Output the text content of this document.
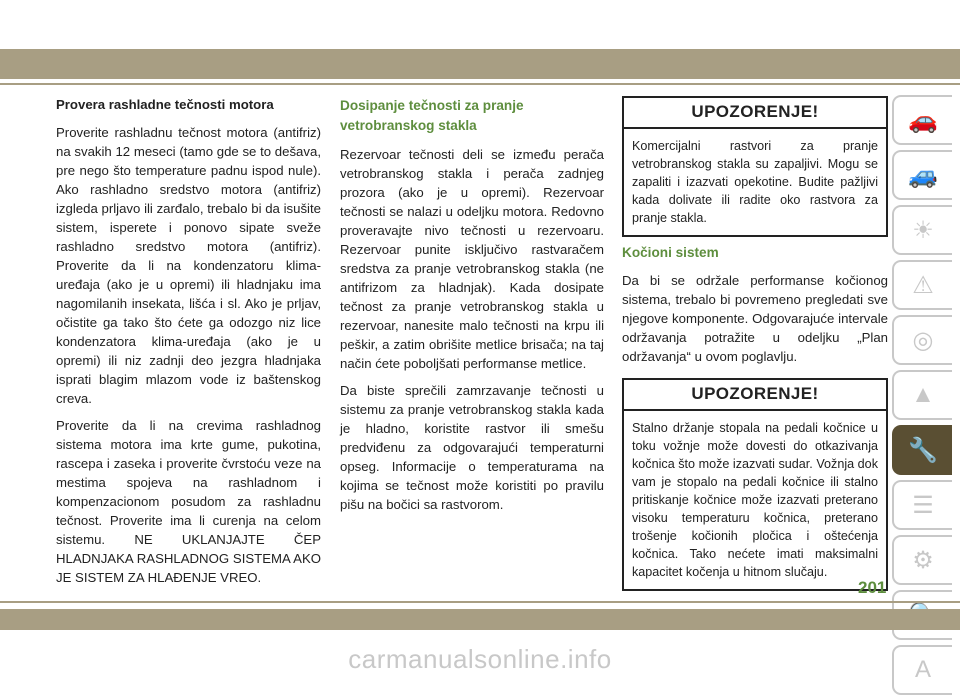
Provera rashladne tečnosti motora

Proverite rashladnu tečnost motora (antifriz) na svakih 12 meseci (tamo gde se to dešava, pre nego što temperature padnu ispod nule). Ako rashladno sredstvo motora (antifriz) izgleda prljavo ili zarđalo, trebalo bi da isušite sistem, isperete i ponovo sipate sveže rashladno sredstvo motora (antifriz). Proverite da li na kondenzatoru klima-uređaja (ako je u opremi) ili hladnjaku ima nagomilanih insekata, lišća i sl. Ako je prljav, očistite ga tako što ćete ga odozgo niz lice kondenzatora klima-uređaja (ako je u opremi) ili niz zadnji deo jezgra hladnjaka isprati blagim mlazom vode iz baštenskog creva.

Proverite da li na crevima rashladnog sistema motora ima krte gume, pukotina, rascepa i zaseka i proverite čvrstoću veze na mestima spojeva na rashladnom i kompenzacionom posudom za rashladnu tečnost. Proverite ima li curenja na celom sistemu. NE UKLANJAJTE ČEP HLADNJAKA RASHLADNOG SISTEMA AKO JE SISTEM ZA HLAĐENJE VREO.

Dosipanje tečnosti za pranje vetrobranskog stakla

Rezervoar tečnosti deli se između perača vetrobranskog stakla i perača zadnjeg prozora (ako je u opremi). Rezervoar tečnosti se nalazi u odeljku motora. Redovno proveravajte nivo tečnosti u rezervoaru. Rezervoar punite isključivo rastvaračem sredstva za pranje vetrobranskog stakla (ne antifrizom za hladnjak). Kada dosipate tečnost za pranje vetrobranskog stakla u rezervoar, nanesite malo tečnosti na krpu ili peškir, a zatim obrišite metlice brisača; na taj način ćete poboljšati performanse metlice.

Da biste sprečili zamrzavanje tečnosti u sistemu za pranje vetrobranskog stakla kada je hladno, koristite rastvor ili smešu predviđenu za odgovarajući temperaturni opseg. Informacije o temperaturama na kojima se tečnost može koristiti po pravilu pišu na bočici sa rastvorom.

UPOZORENJE!

Komercijalni rastvori za pranje vetrobranskog stakla su zapaljivi. Mogu se zapaliti i izazvati opekotine. Budite pažljivi kada dolivate ili radite oko rastvora za pranje stakla.

Kočioni sistem

Da bi se održale performanse kočionog sistema, trebalo bi povremeno pregledati sve njegove komponente. Odgovarajuće intervale održavanja potražite u odeljku „Plan održavanja“ u ovom poglavlju.

UPOZORENJE!

Stalno držanje stopala na pedali kočnice u toku vožnje može dovesti do otkazivanja kočnica što može izazvati sudar. Vožnja dok vam je stopalo na pedali kočnice ili stalno pritiskanje kočnice može izazvati preterano visoku temperaturu kočnica, preterano trošenje kočionih pločica i oštećenja kočnica. Tako nećete imati maksimalni kapacitet kočenja u hitnom slučaju.

🚗
🚙
☀
⚠
◎
▲
🔧
☰
⚙
A
201
carmanualsonline.info
